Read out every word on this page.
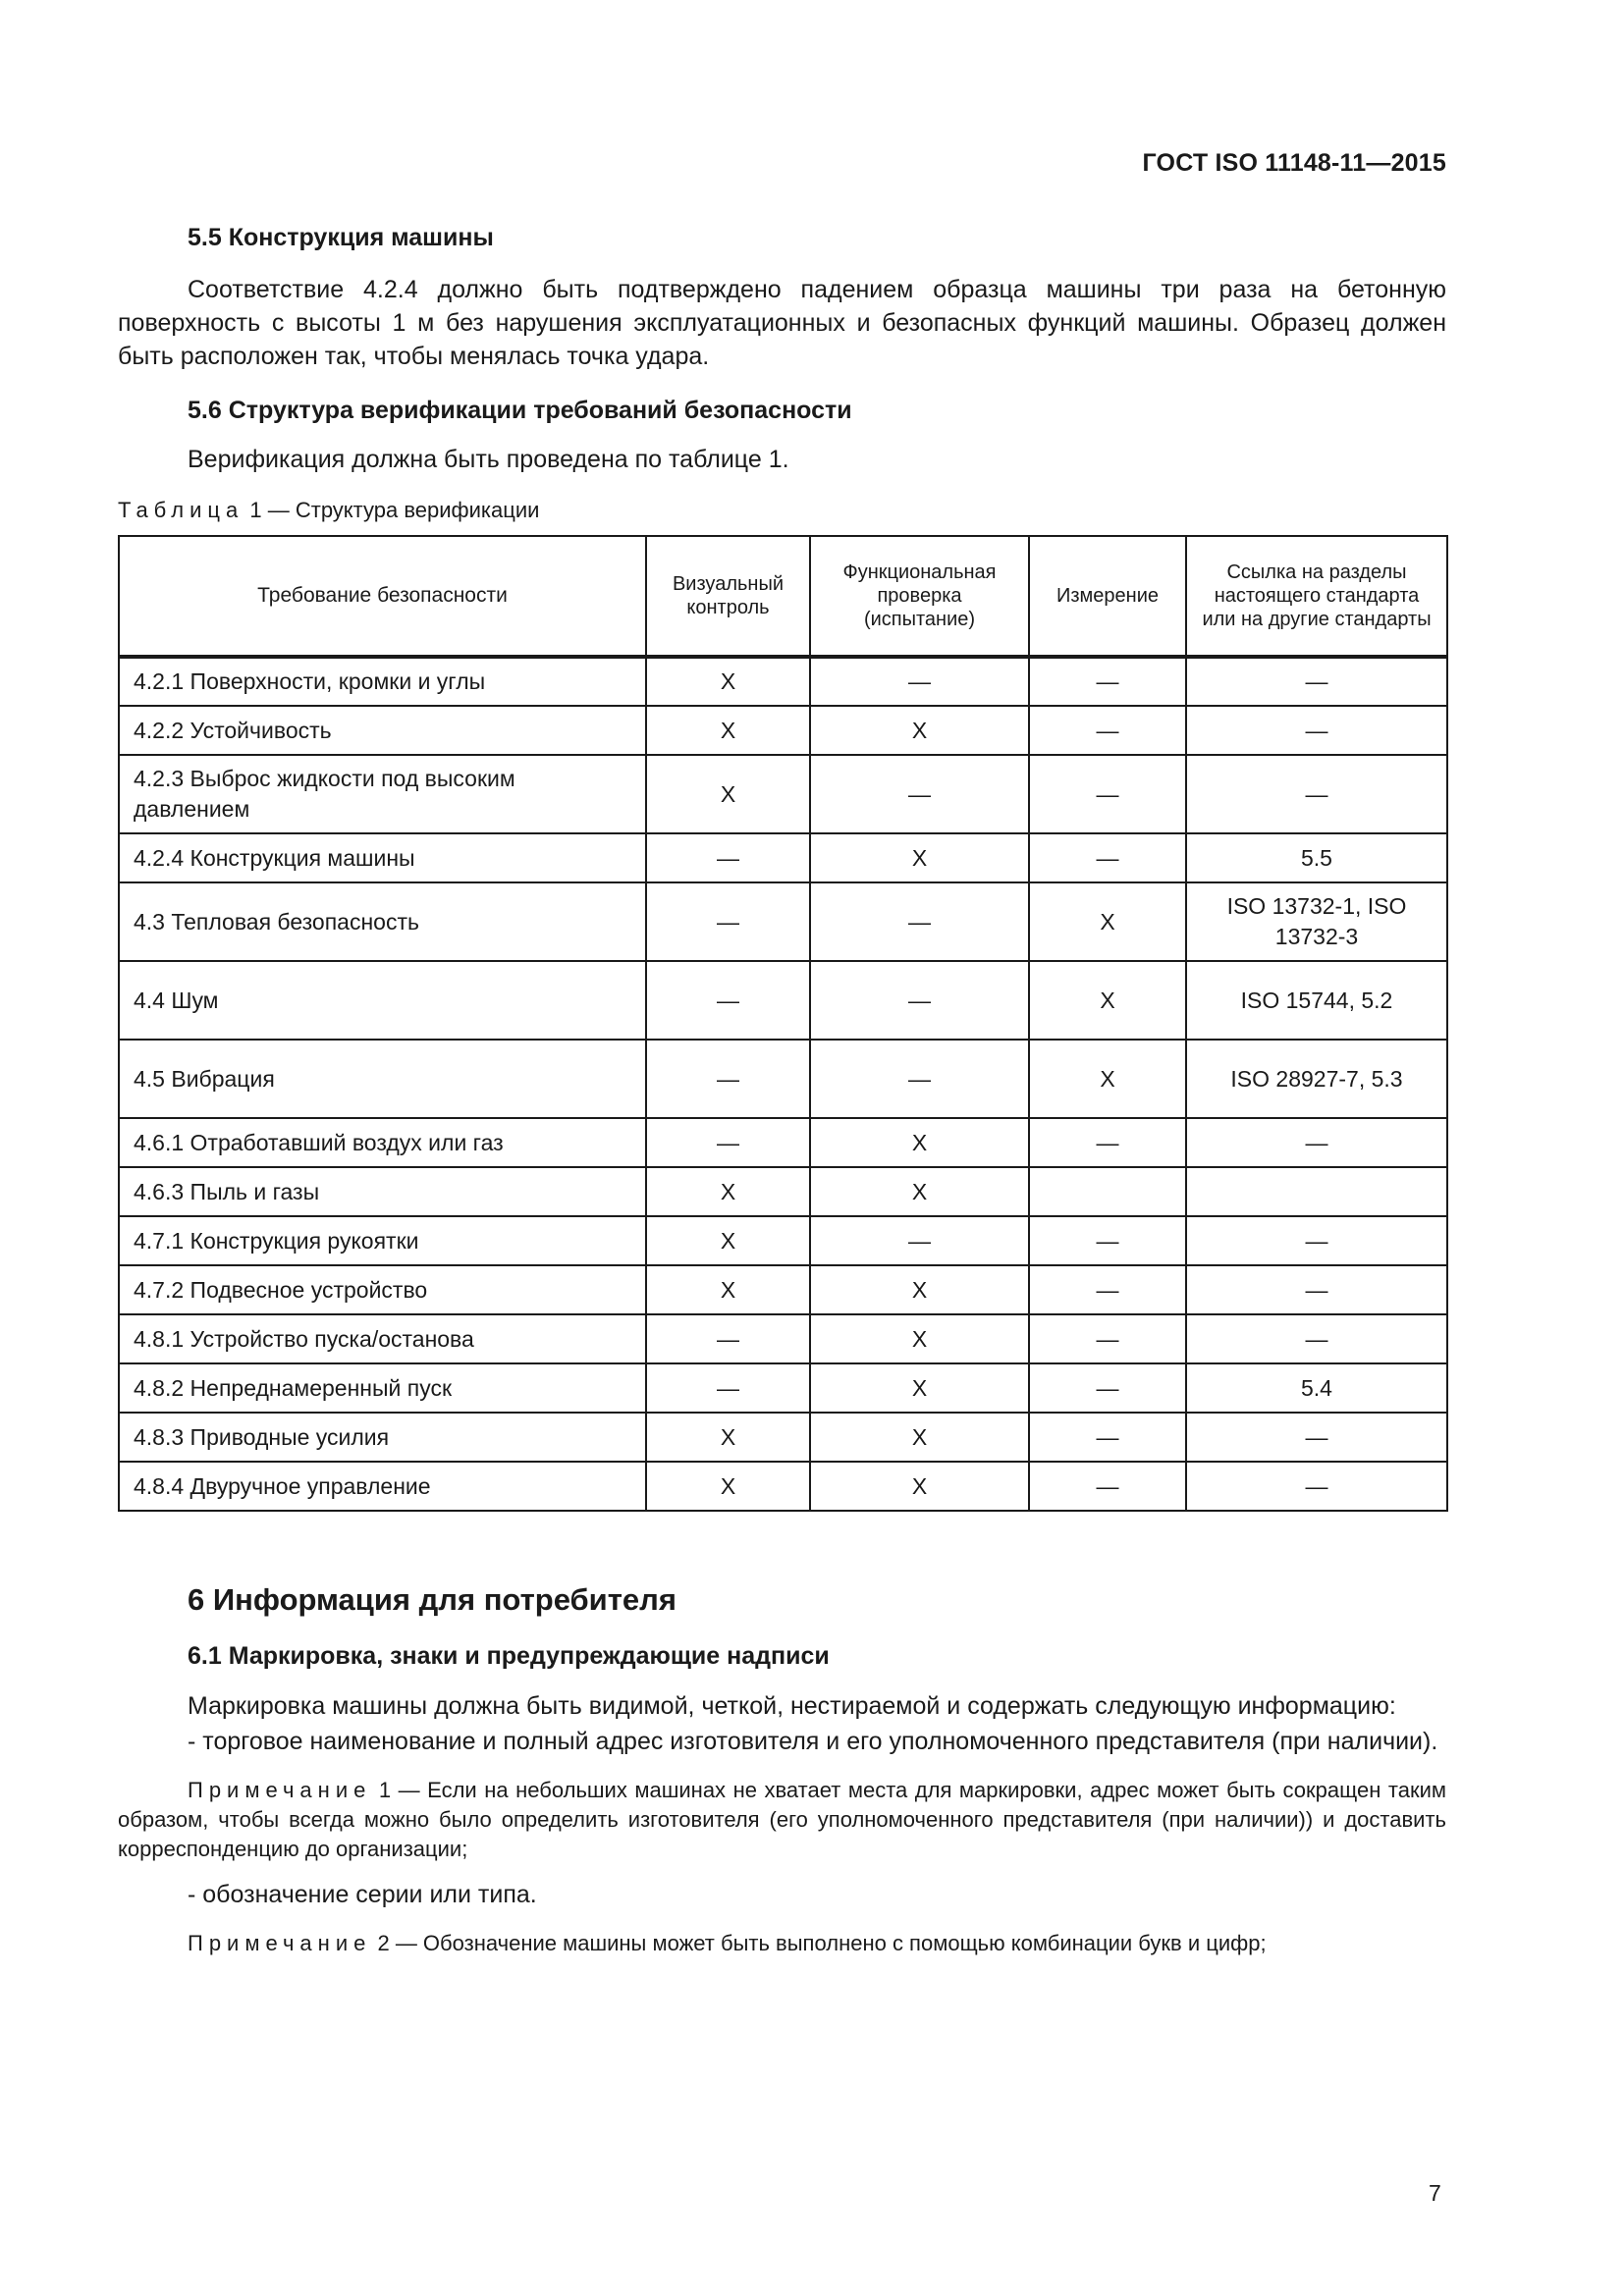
ГОСТ ISO 11148-11—2015
5.5 Конструкция машины

Соответствие 4.2.4 должно быть подтверждено падением образца машины три раза на бетонную поверхность с высоты 1 м без нарушения эксплуатационных и безопасных функций машины. Образец должен быть расположен так, чтобы менялась точка удара.

5.6 Структура верификации требований безопасности

Верификация должна быть проведена по таблице 1.

Таблица 1 — Структура верификации

Требование безопасности	Визуальный контроль	Функциональная проверка (испытание)	Измерение	Ссылка на разделы настоящего стандарта или на другие стандарты
4.2.1 Поверхности, кромки и углы	X	—	—	—
4.2.2 Устойчивость	X	X	—	—
4.2.3 Выброс жидкости под высоким давлением	X	—	—	—
4.2.4 Конструкция машины	—	X	—	5.5
4.3 Тепловая безопасность	—	—	X	ISO 13732-1, ISO 13732-3
4.4 Шум	—	—	X	ISO 15744, 5.2
4.5 Вибрация	—	—	X	ISO 28927-7, 5.3
4.6.1 Отработавший воздух или газ	—	X	—	—
4.6.3 Пыль и газы	X	X		
4.7.1 Конструкция рукоятки	X	—	—	—
4.7.2 Подвесное устройство	X	X	—	—
4.8.1 Устройство пуска/останова	—	X	—	—
4.8.2 Непреднамеренный пуск	—	X	—	5.4
4.8.3 Приводные усилия	X	X	—	—
4.8.4 Двуручное управление	X	X	—	—
6 Информация для потребителя
6.1 Маркировка, знаки и предупреждающие надписи

Маркировка машины должна быть видимой, четкой, нестираемой и содержать следующую информацию:

- торговое наименование и полный адрес изготовителя и его уполномоченного представителя (при наличии).

Примечание 1 — Если на небольших машинах не хватает места для маркировки, адрес может быть сокращен таким образом, чтобы всегда можно было определить изготовителя (его уполномоченного представителя (при наличии)) и доставить корреспонденцию до организации;

- обозначение серии или типа.

Примечание 2 — Обозначение машины может быть выполнено с помощью комбинации букв и цифр;

7
